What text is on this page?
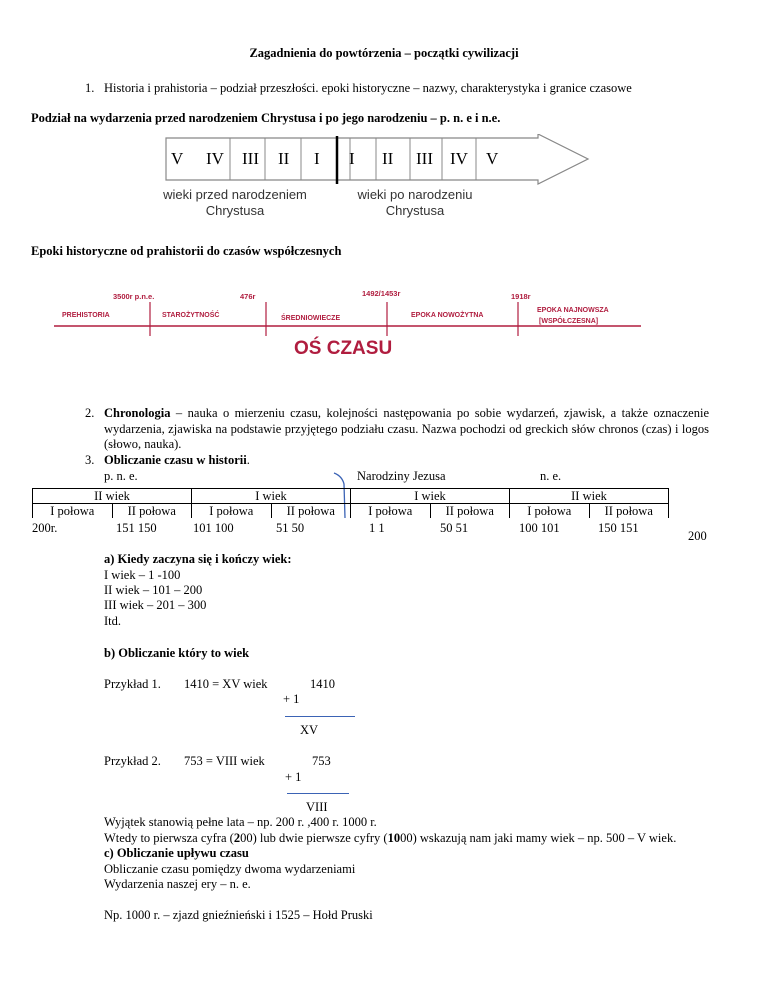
Zagadnienia do powtórzenia – początki cywilizacji
1. Historia i prahistoria – podział przeszłości. epoki historyczne – nazwy, charakterystyka i granice czasowe
Podział na wydarzenia przed narodzeniem Chrystusa i po jego narodzeniu – p. n. e i n.e.
V IV III II I I II III IV V
wieki przed narodzeniem
Chrystusa
wieki po narodzeniu
Chrystusa
Epoki historyczne od prahistorii do czasów współczesnych
3500r p.n.e.	476r	1492/1453r	1918r
PREHISTORIA	STAROŻYTNOŚĆ	ŚREDNIOWIECZE	EPOKA NOWOŻYTNA
EPOKA NAJNOWSZA
[WSPÓŁCZESNA]
OŚ CZASU
2. Chronologia – nauka o mierzeniu czasu, kolejności następowania po sobie wydarzeń, zjawisk, a także oznaczenie wydarzenia, zjawiska na podstawie przyjętego podziału czasu. Nazwa pochodzi od greckich słów chronos (czas) i logos (słowo, nauka).
3. Obliczanie czasu w historii.
p. n. e.	Narodziny Jezusa	n. e.
II wiek		I wiek		I wiek		II wiek	
I połowa	II połowa	I połowa	II połowa	I połowa	II połowa	I połowa	II połowa
200r.	151 150	101 100	51 50	1 1	50 51	100 101	150 151
200
a) Kiedy zaczyna się i kończy wiek:
I wiek – 1 -100
II wiek – 101 – 200
III wiek – 201 – 300
Itd.
b) Obliczanie który to wiek
Przykład 1. 1410 = XV wiek	1410
+ 1
XV
Przykład 2. 753 = VIII wiek	753
+ 1
VIII
Wyjątek stanowią pełne lata – np. 200 r. ,400 r. 1000 r.
Wtedy to pierwsza cyfra (200) lub dwie pierwsze cyfry (1000) wskazują nam jaki mamy wiek – np. 500 – V wiek.
c) Obliczanie upływu czasu
Obliczanie czasu pomiędzy dwoma wydarzeniami
Wydarzenia naszej ery – n. e.
Np. 1000 r. – zjazd gnieźnieński i 1525 – Hołd Pruski
